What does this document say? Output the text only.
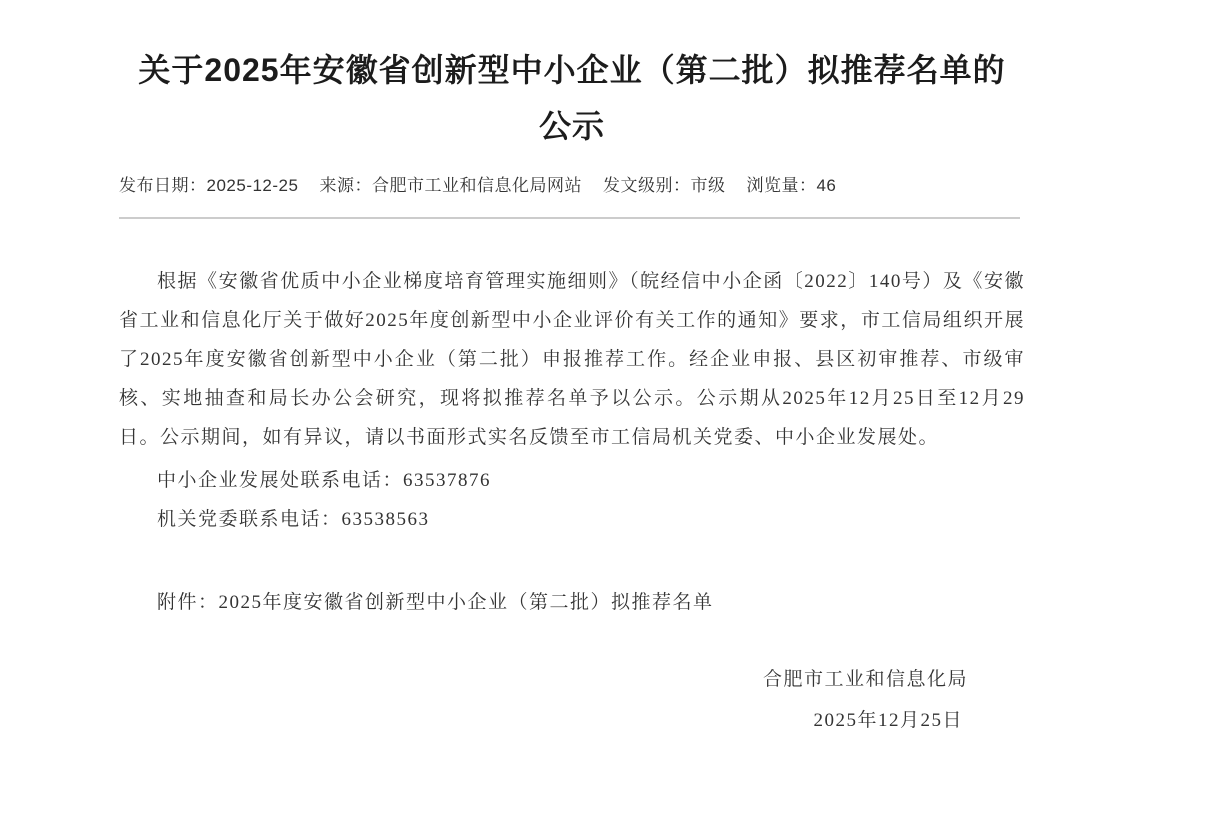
关于2025年安徽省创新型中小企业（第二批）拟推荐名单的
公示
发布日期：2025-12-25 来源：合肥市工业和信息化局网站 发文级别：市级 浏览量：46

根据《安徽省优质中小企业梯度培育管理实施细则》（皖经信中小企函〔2022〕140号）及《安徽省工业和信息化厅关于做好2025年度创新型中小企业评价有关工作的通知》要求，市工信局组织开展了2025年度安徽省创新型中小企业（第二批）申报推荐工作。经企业申报、县区初审推荐、市级审核、实地抽查和局长办公会研究，现将拟推荐名单予以公示。公示期从2025年12月25日至12月29日。公示期间，如有异议，请以书面形式实名反馈至市工信局机关党委、中小企业发展处。

中小企业发展处联系电话：63537876

机关党委联系电话：63538563

附件：2025年度安徽省创新型中小企业（第二批）拟推荐名单

合肥市工业和信息化局

2025年12月25日
